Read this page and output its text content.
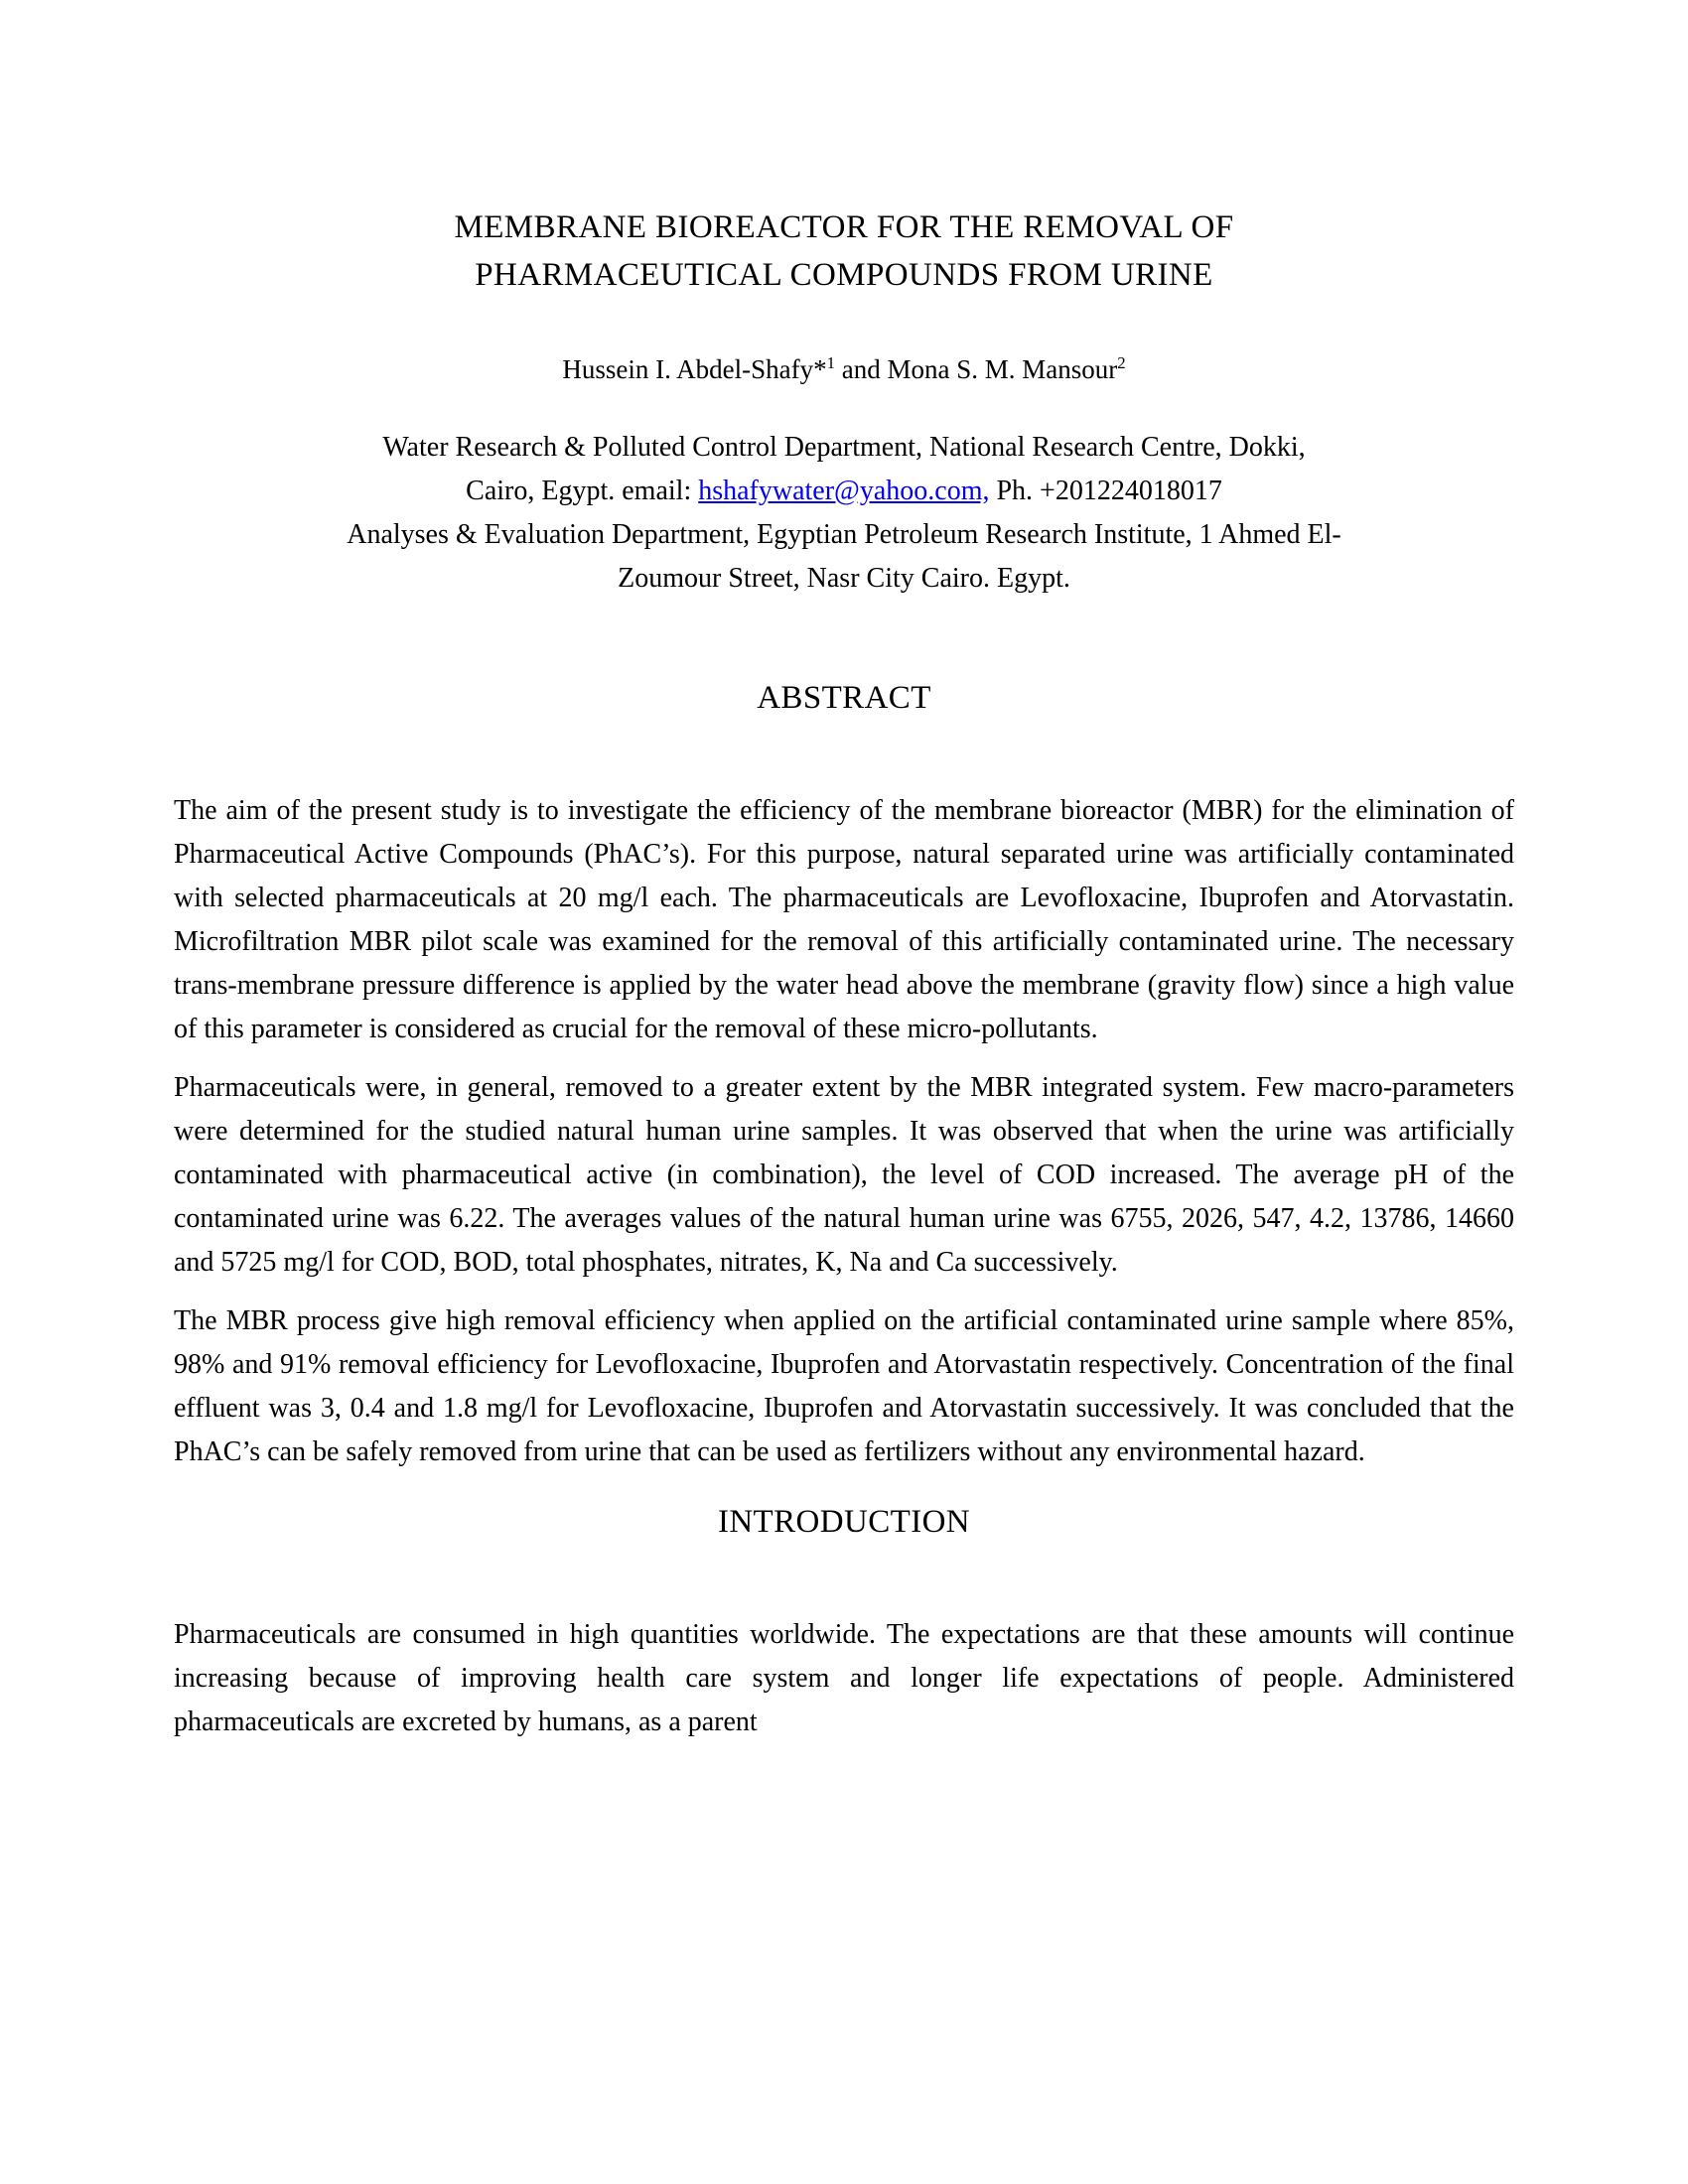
MEMBRANE BIOREACTOR FOR THE REMOVAL OF
PHARMACEUTICAL COMPOUNDS FROM URINE
Hussein I. Abdel-Shafy*$^1$ and Mona S. M. Mansour$^2$
Water Research & Polluted Control Department, National Research Centre, Dokki,
Cairo, Egypt. email: hshafywater@yahoo.com, Ph. +201224018017
Analyses & Evaluation Department, Egyptian Petroleum Research Institute, 1 Ahmed El-
Zoumour Street, Nasr City Cairo. Egypt.
ABSTRACT

The aim of the present study is to investigate the efficiency of the membrane bioreactor (MBR) for the elimination of Pharmaceutical Active Compounds (PhAC’s). For this purpose, natural separated urine was artificially contaminated with selected pharmaceuticals at 20 mg/l each. The pharmaceuticals are Levofloxacine, Ibuprofen and Atorvastatin. Microfiltration MBR pilot scale was examined for the removal of this artificially contaminated urine. The necessary trans-membrane pressure difference is applied by the water head above the membrane (gravity flow) since a high value of this parameter is considered as crucial for the removal of these micro-pollutants.

Pharmaceuticals were, in general, removed to a greater extent by the MBR integrated system. Few macro-parameters were determined for the studied natural human urine samples. It was observed that when the urine was artificially contaminated with pharmaceutical active (in combination), the level of COD increased. The average pH of the contaminated urine was 6.22. The averages values of the natural human urine was 6755, 2026, 547, 4.2, 13786, 14660 and 5725 mg/l for COD, BOD, total phosphates, nitrates, K, Na and Ca successively.

The MBR process give high removal efficiency when applied on the artificial contaminated urine sample where 85%, 98% and 91% removal efficiency for Levofloxacine, Ibuprofen and Atorvastatin respectively. Concentration of the final effluent was 3, 0.4 and 1.8 mg/l for Levofloxacine, Ibuprofen and Atorvastatin successively. It was concluded that the PhAC’s can be safely removed from urine that can be used as fertilizers without any environmental hazard.

INTRODUCTION

Pharmaceuticals are consumed in high quantities worldwide. The expectations are that these amounts will continue increasing because of improving health care system and longer life expectations of people. Administered pharmaceuticals are excreted by humans, as a parent
